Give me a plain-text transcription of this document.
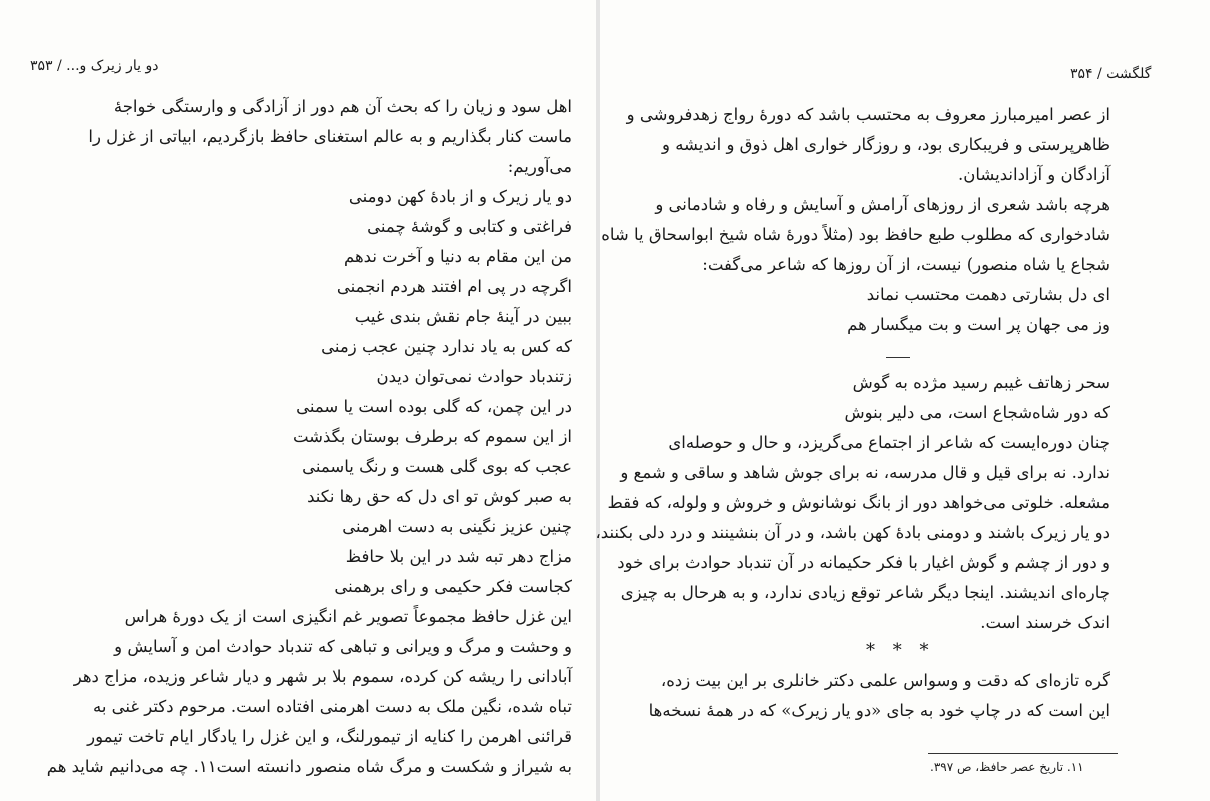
دو یار زیرک و... / ۳۵۳	گلگشت / ۳۵۴
اهل سود و زیان را که بحث آن هم دور از آزادگی و وارستگی خواجهٔ
ماست کنار بگذاریم و به عالم استغنای حافظ بازگردیم، ابیاتی از غزل را
می‌آوریم:
دو یار زیرک و از بادهٔ کهن دومنی
فراغتی و کتابی و گوشهٔ چمنی
من این مقام به دنیا و آخرت ندهم
اگرچه در پی ام افتند هردم انجمنی
ببین در آینهٔ جام نقش بندی غیب
که کس به یاد ندارد چنین عجب زمنی
زتندباد حوادث نمی‌توان دیدن
در این چمن، که گلی بوده است یا سمنی
از این سموم که برطرف بوستان بگذشت
عجب که بوی گلی هست و رنگ یاسمنی
به صبر کوش تو ای دل که حق رها نکند
چنین عزیز نگینی به دست اهرمنی
مزاج دهر تبه شد در این بلا حافظ
کجاست فکر حکیمی و رای برهمنی
این غزل حافظ مجموعاً تصویر غم انگیزی است از یک دورهٔ هراس
و وحشت و مرگ و ویرانی و تباهی که تندباد حوادث امن و آسایش و
آبادانی را ریشه کن کرده، سموم بلا بر شهر و دیار شاعر وزیده، مزاج دهر
تباه شده، نگین ملک به دست اهرمنی افتاده است. مرحوم دکتر غنی به
قرائنی اهرمن را کنایه از تیمورلنگ، و این غزل را یادگار ایام تاخت تیمور
به شیراز و شکست و مرگ شاه منصور دانسته است۱۱. چه می‌دانیم شاید هم
از عصر امیرمبارز معروف به محتسب باشد که دورهٔ رواج زهدفروشی و
ظاهرپرستی و فریبکاری بود، و روزگار خواری اهل ذوق و اندیشه و
آزادگان و آزاداندیشان.
هرچه باشد شعری از روزهای آرامش و آسایش و رفاه و شادمانی و
شادخواری که مطلوب طبع حافظ بود (مثلاً دورهٔ شاه شیخ ابواسحاق یا شاه
شجاع یا شاه منصور) نیست، از آن روزها که شاعر می‌گفت:
ای دل بشارتی دهمت محتسب نماند
وز می جهان پر است و بت میگسار هم
سحر زهاتف غیبم رسید مژده به گوش
که دور شاه‌شجاع است، می دلیر بنوش
چنان دوره‌ایست که شاعر از اجتماع می‌گریزد، و حال و حوصله‌ای
ندارد. نه برای قیل و قال مدرسه، نه برای جوش شاهد و ساقی و شمع و
مشعله. خلوتی می‌خواهد دور از بانگ نوشانوش و خروش و ولوله، که فقط
دو یار زیرک باشند و دومنی بادهٔ کهن باشد، و در آن بنشینند و درد دلی بکنند،
و دور از چشم و گوش اغیار با فکر حکیمانه در آن تندباد حوادث برای خود
چاره‌ای اندیشند. اینجا دیگر شاعر توقع زیادی ندارد، و به هرحال به چیزی
اندک خرسند است.
* * *
گره تازه‌ای که دقت و وسواس علمی دکتر خانلری بر این بیت زده،
این است که در چاپ خود به جای «دو یار زیرک» که در همهٔ نسخه‌ها
۱۱. تاریخ عصر حافظ، ص ۳۹۷.
